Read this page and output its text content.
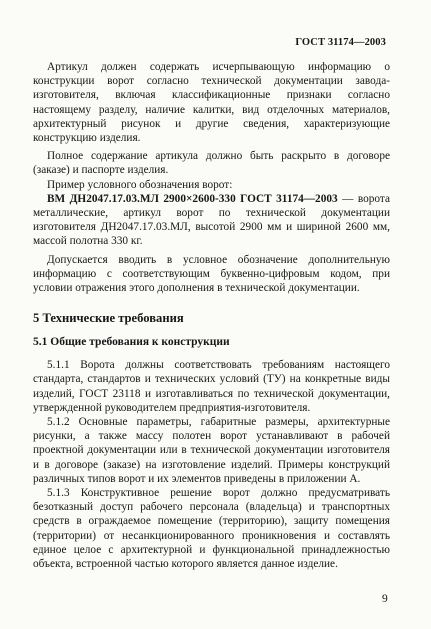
ГОСТ 31174—2003

Артикул должен содержать исчерпывающую информацию о конструкции ворот согласно технической документации завода-изготовителя, включая классификационные признаки согласно настоящему разделу, наличие калитки, вид отделочных материалов, архитектурный рисунок и другие сведения, характеризующие конструкцию изделия.

Полное содержание артикула должно быть раскрыто в договоре (заказе) и паспорте изделия.

Пример условного обозначения ворот:

ВМ ДН2047.17.03.МЛ 2900×2600-330 ГОСТ 31174—2003 — ворота металлические, артикул ворот по технической документации изготовителя ДН2047.17.03.МЛ, высотой 2900 мм и шириной 2600 мм, массой полотна 330 кг.

Допускается вводить в условное обозначение дополнительную информацию с соответствующим буквенно-цифровым кодом, при условии отражения этого дополнения в технической документации.

5 Технические требования
5.1 Общие требования к конструкции

5.1.1 Ворота должны соответствовать требованиям настоящего стандарта, стандартов и технических условий (ТУ) на конкретные виды изделий, ГОСТ 23118 и изготавливаться по технической документации, утвержденной руководителем предприятия-изготовителя.

5.1.2 Основные параметры, габаритные размеры, архитектурные рисунки, а также массу полотен ворот устанавливают в рабочей проектной документации или в технической документации изготовителя и в договоре (заказе) на изготовление изделий. Примеры конструкций различных типов ворот и их элементов приведены в приложении А.

5.1.3 Конструктивное решение ворот должно предусматривать безотказный доступ рабочего персонала (владельца) и транспортных средств в ограждаемое помещение (территорию), защиту помещения (территории) от несанкционированного проникновения и составлять единое целое с архитектурной и функциональной принадлежностью объекта, встроенной частью которого является данное изделие.

9
